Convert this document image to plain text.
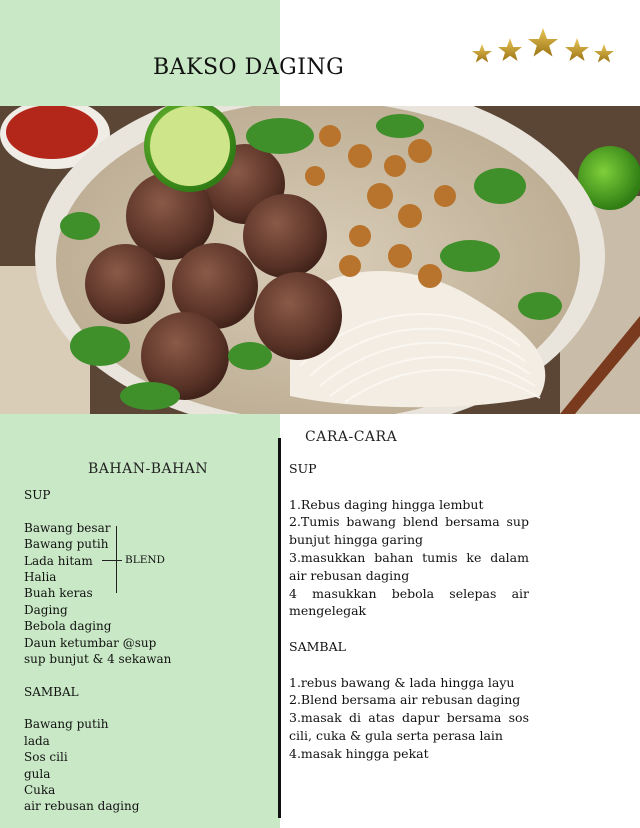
BAKSO DAGING
BAHAN-BAHAN
SUP
Bawang besar
Bawang putih
Lada hitam
Halia
Buah keras
Daging
Bebola daging
Daun ketumbar @sup
sup bunjut & 4 sekawan
SAMBAL
Bawang putih
lada
Sos cili
gula
Cuka
air rebusan daging
BLEND
CARA-CARA
SUP
1.Rebus daging hingga lembut
2.Tumis bawang blend bersama sup bunjut hingga garing
3.masukkan bahan tumis ke dalam air rebusan daging
4 masukkan bebola selepas air mengelegak
SAMBAL
1.rebus bawang & lada hingga layu
2.Blend bersama air rebusan daging
3.masak di atas dapur bersama sos cili, cuka & gula serta perasa lain
4.masak hingga pekat
